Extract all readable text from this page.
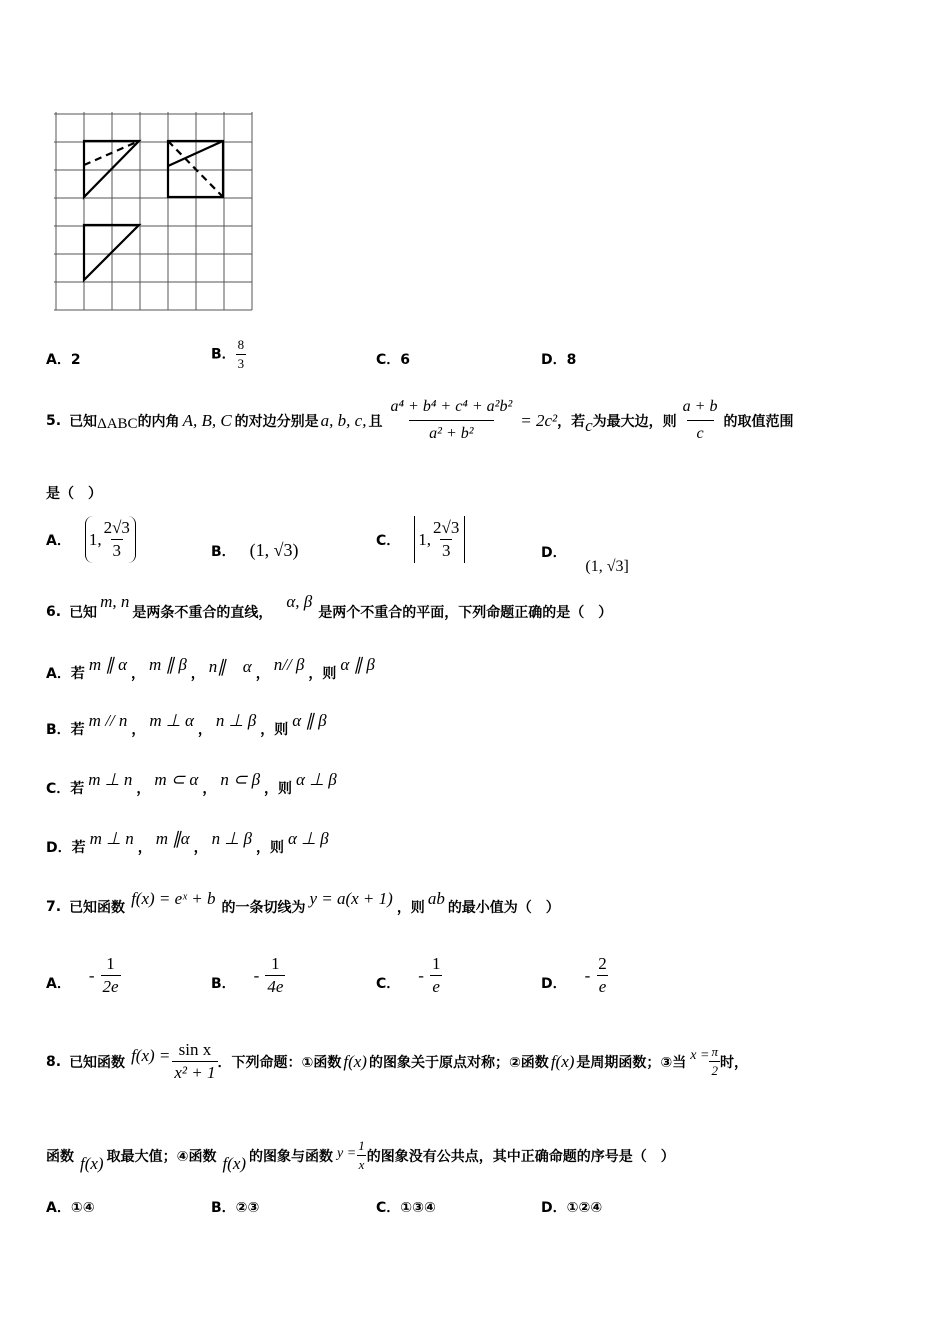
A．2	B． $\frac{8}{3}$	C．6	D．8
5. 已知 ΔABC 的内角 A, B, C 的对边分别是 a, b, c, 且 $\frac{\text{a⁴ + b⁴ + c⁴ + a²b²}}{\text{a² + b²}} = 2c^2$ ，若 c 为最大边，则 $\frac{a + b}{c}$ 的取值范围
是（　）
A． 1, $\frac{2√3}{3}$	B． (1, √3)	C． 1, $\frac{2√3}{3}$	D． (1, √3]
6. 已知
m, n
是两条不重合的直线，
α, β
是两个不重合的平面，下列命题正确的是（　）
A． 若 m ∥ α ， m ∥ β ， n∥　α ， n// β ，则 α ∥ β
B． 若 m // n ， m ⊥ α ， n ⊥ β ，则 α ∥ β
C． 若 m ⊥ n ， m ⊂ α ， n ⊂ β ，则 α ⊥ β
D． 若 m ⊥ n ， m ∥α ， n ⊥ β ，则 α ⊥ β
7. 已知函数 f(x) = eˣ + b 的一条切线为 y = a(x + 1) ，则 ab 的最小值为（　）
A． - $\frac{1}{2e}$	B． - $\frac{1}{4e}$	C． - $\frac{1}{e}$	D． - $\frac{2}{e}$
8. 已知函数 $f(x) = \frac{\text{sin x}}{\text{x² + 1}}$ ．下列命题：①函数 f(x) 的图象关于原点对称；②函数 f(x) 是周期函数；③当 $x = \frac{\pi}{2}$ 时，
函数 f(x) 取最大值；④函数 f(x) 的图象与函数 $y = \frac{1}{x}$ 的图象没有公共点，其中正确命题的序号是（　）
A．①④	B．②③	C．①③④	D．①②④
